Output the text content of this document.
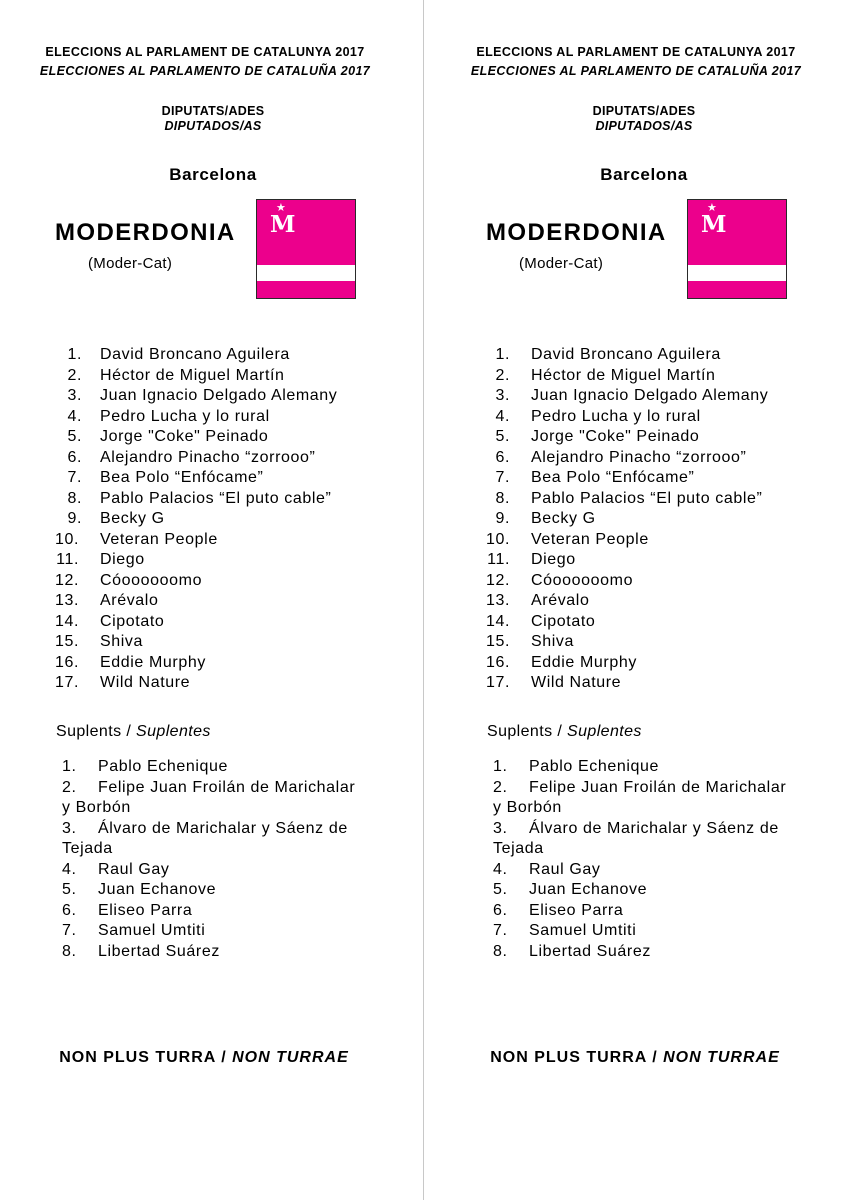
ELECCIONS AL PARLAMENT DE CATALUNYA 2017
ELECCIONES AL PARLAMENTO DE CATALUÑA 2017
DIPUTATS/ADES
DIPUTADOS/AS
Barcelona
MODERDONIA
(Moder-Cat)
★
M
1. David Broncano Aguilera
2. Héctor de Miguel Martín
3. Juan Ignacio Delgado Alemany
4. Pedro Lucha y lo rural
5. Jorge "Coke" Peinado
6. Alejandro Pinacho “zorrooo”
7. Bea Polo “Enfócame”
8. Pablo Palacios “El puto cable”
9. Becky G
10. Veteran People
11. Diego
12. Cóoooooomo
13. Arévalo
14. Cipotato
15. Shiva
16. Eddie Murphy
17. Wild Nature
Suplents / Suplentes
1.	Pablo Echenique
2.	Felipe Juan Froilán de Marichalar y Borbón
3.	Álvaro de Marichalar y Sáenz de Tejada
4.	Raul Gay
5.	Juan Echanove
6.	Eliseo Parra
7.	Samuel Umtiti
8.	Libertad Suárez
NON PLUS TURRA / NON TURRAE
ELECCIONS AL PARLAMENT DE CATALUNYA 2017
ELECCIONES AL PARLAMENTO DE CATALUÑA 2017
DIPUTATS/ADES
DIPUTADOS/AS
Barcelona
MODERDONIA
(Moder-Cat)
★
M
1. David Broncano Aguilera
2. Héctor de Miguel Martín
3. Juan Ignacio Delgado Alemany
4. Pedro Lucha y lo rural
5. Jorge "Coke" Peinado
6. Alejandro Pinacho “zorrooo”
7. Bea Polo “Enfócame”
8. Pablo Palacios “El puto cable”
9. Becky G
10. Veteran People
11. Diego
12. Cóoooooomo
13. Arévalo
14. Cipotato
15. Shiva
16. Eddie Murphy
17. Wild Nature
Suplents / Suplentes
1.	Pablo Echenique
2.	Felipe Juan Froilán de Marichalar y Borbón
3.	Álvaro de Marichalar y Sáenz de Tejada
4.	Raul Gay
5.	Juan Echanove
6.	Eliseo Parra
7.	Samuel Umtiti
8.	Libertad Suárez
NON PLUS TURRA / NON TURRAE
